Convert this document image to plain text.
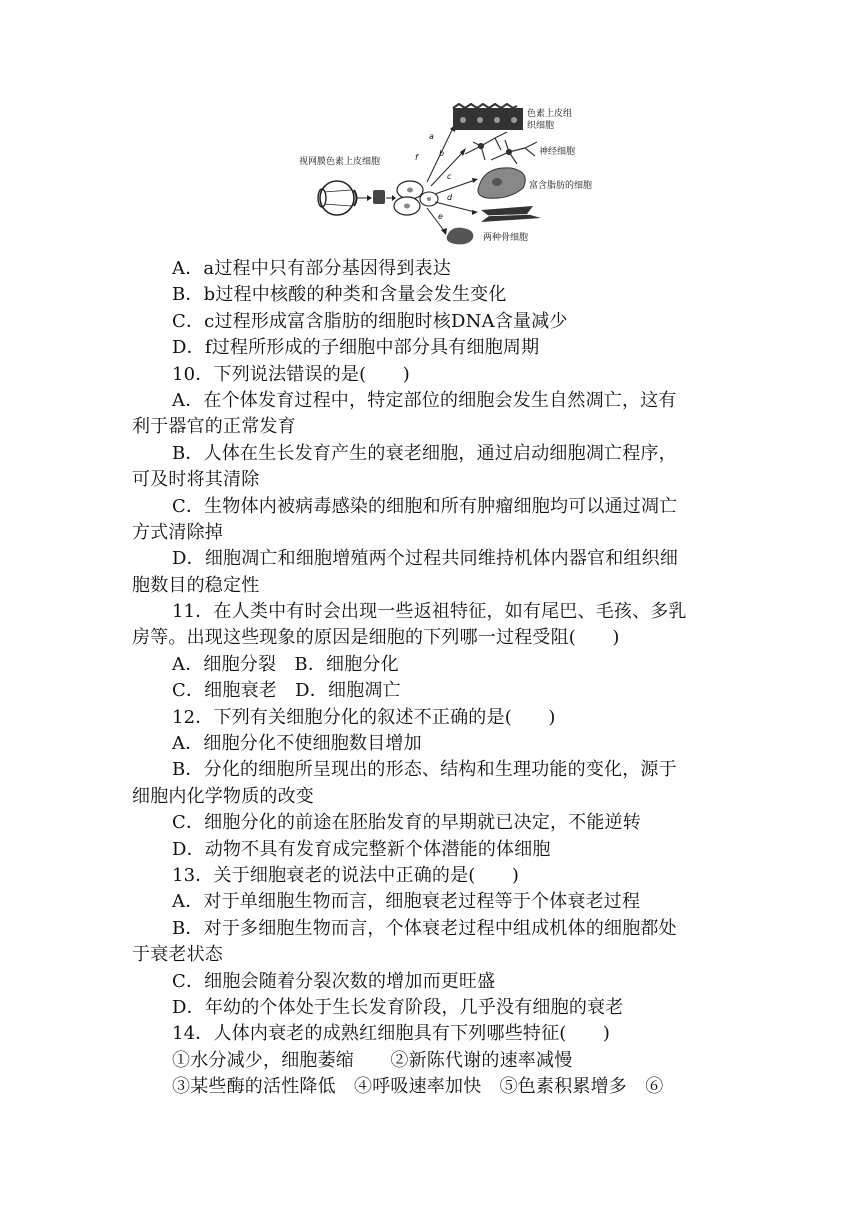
a
b
c
d
e
f
视网膜色素上皮细胞
色素上皮组
织细胞
神经细胞
富含脂肪的细胞
两种骨细胞
A．a过程中只有部分基因得到表达
B．b过程中核酸的种类和含量会发生变化
C．c过程形成富含脂肪的细胞时核DNA含量减少
D．f过程所形成的子细胞中部分具有细胞周期
10．下列说法错误的是(　　)
A．在个体发育过程中，特定部位的细胞会发生自然凋亡，这有
利于器官的正常发育
B．人体在生长发育产生的衰老细胞，通过启动细胞凋亡程序，
可及时将其清除
C．生物体内被病毒感染的细胞和所有肿瘤细胞均可以通过凋亡
方式清除掉
D．细胞凋亡和细胞增殖两个过程共同维持机体内器官和组织细
胞数目的稳定性
11．在人类中有时会出现一些返祖特征，如有尾巴、毛孩、多乳
房等。出现这些现象的原因是细胞的下列哪一过程受阻(　　)
A．细胞分裂　B．细胞分化
C．细胞衰老　D．细胞凋亡
12．下列有关细胞分化的叙述不正确的是(　　)
A．细胞分化不使细胞数目增加
B．分化的细胞所呈现出的形态、结构和生理功能的变化，源于
细胞内化学物质的改变
C．细胞分化的前途在胚胎发育的早期就已决定，不能逆转
D．动物不具有发育成完整新个体潜能的体细胞
13．关于细胞衰老的说法中正确的是(　　)
A．对于单细胞生物而言，细胞衰老过程等于个体衰老过程
B．对于多细胞生物而言，个体衰老过程中组成机体的细胞都处
于衰老状态
C．细胞会随着分裂次数的增加而更旺盛
D．年幼的个体处于生长发育阶段，几乎没有细胞的衰老
14．人体内衰老的成熟红细胞具有下列哪些特征(　　)
①水分减少，细胞萎缩　　②新陈代谢的速率减慢
③某些酶的活性降低　④呼吸速率加快　⑤色素积累增多　⑥
